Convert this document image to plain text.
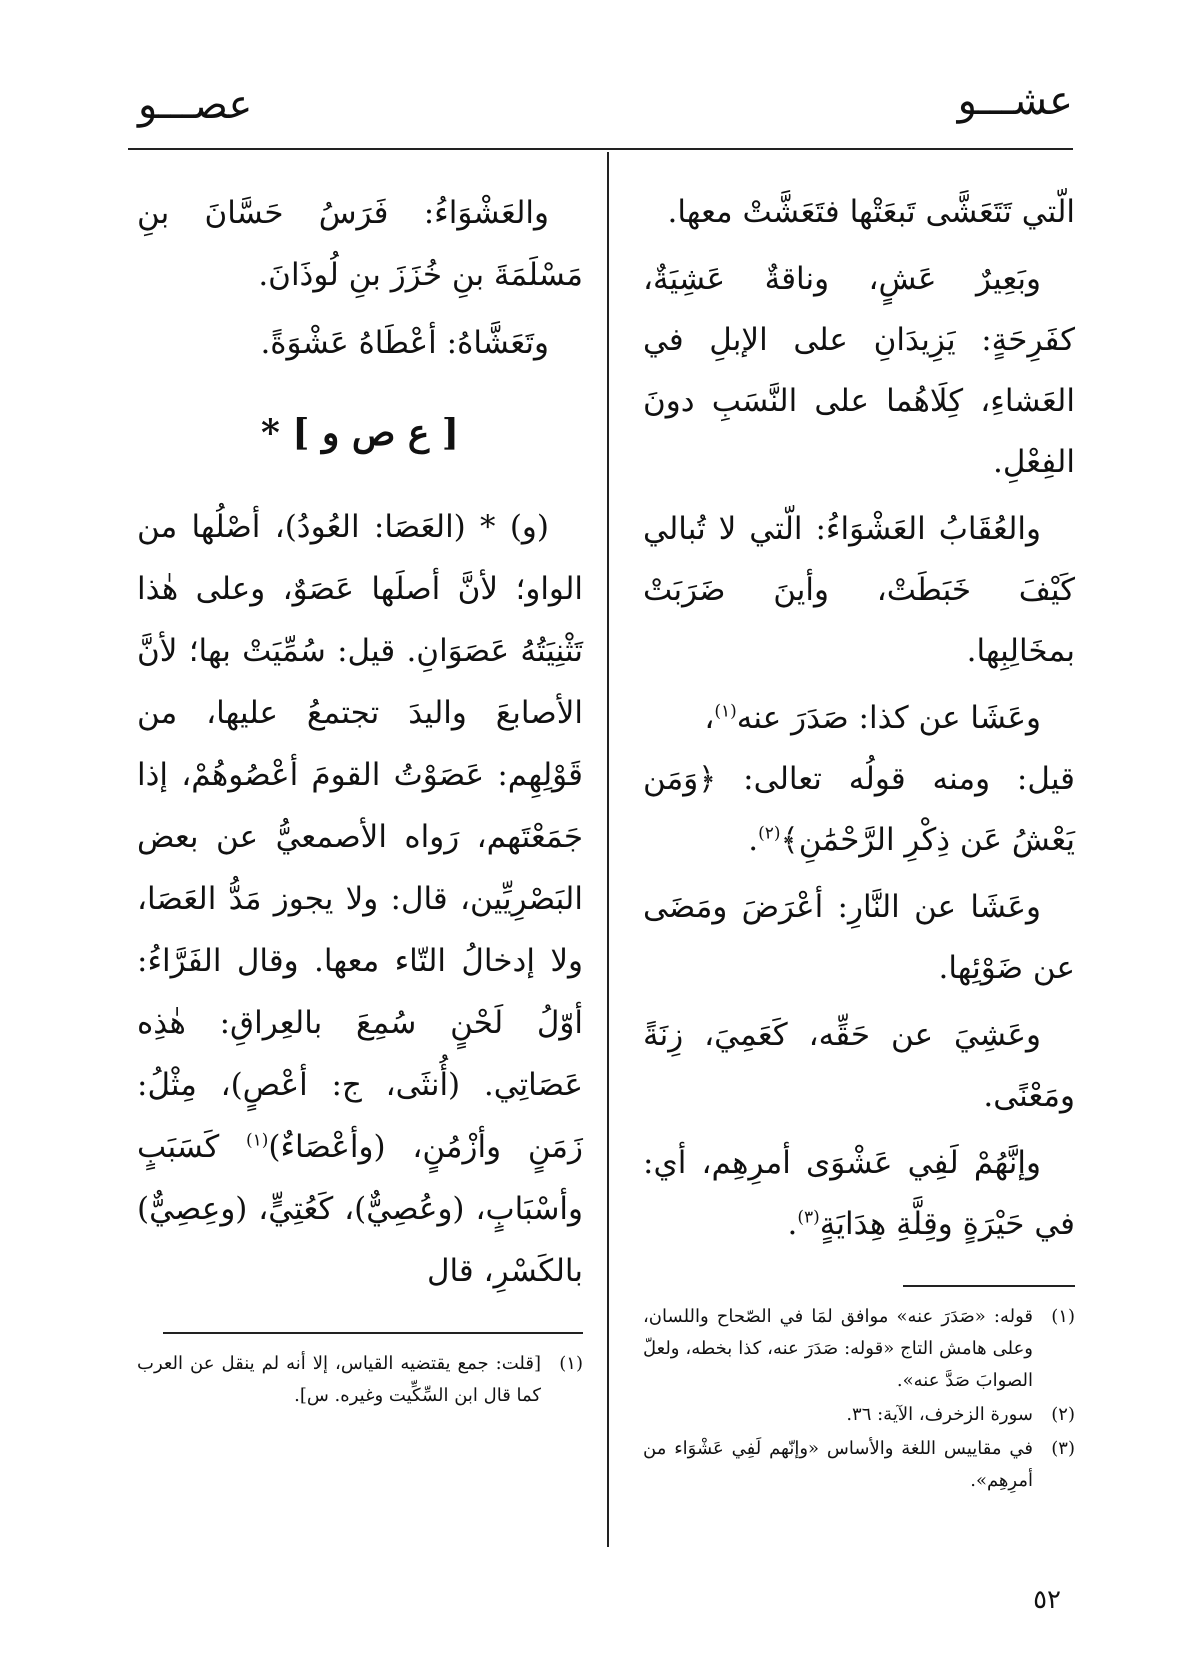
عشـــو
عصـــو

الّتي تَتَعَشَّى تَبعَتْها فتَعَشَّتْ معها.

وبَعِيرٌ عَشٍ، وناقةٌ عَشِيَةٌ، كفَرِحَةٍ: يَزِيدَانِ على الإبلِ في العَشاءِ، كِلَاهُما على النَّسَبِ دونَ الفِعْلِ.

والعُقَابُ العَشْوَاءُ: الّتي لا تُبالي كَيْفَ خَبَطَتْ، وأينَ ضَرَبَتْ بمخَالِبِها.

وعَشَا عن كذا: صَدَرَ عنه$^{(١)}$،

قيل: ومنه قولُه تعالى: ﴿وَمَن يَعْشُ عَن ذِكْرِ الرَّحْمَٰنِ﴾$^{(٢)}$.

وعَشَا عن النَّارِ: أعْرَضَ ومَضَى عن ضَوْئِها.

وعَشِيَ عن حَقِّه، كَعَمِيَ، زِنَةً ومَعْنًى.

وإنَّهُمْ لَفِي عَشْوَى أمرِهِم، أي: في حَيْرَةٍ وقِلَّةِ هِدَايَةٍ$^{(٣)}$.

(١)
قوله: «صَدَرَ عنه» موافق لمَا في الصّحاح واللسان، وعلى هامش التاج «قوله: صَدَرَ عنه، كذا بخطه، ولعلّ الصوابَ صَدَّ عنه».
(٢)
سورة الزخرف، الآية: ٣٦.
(٣)
في مقاييس اللغة والأساس «وإنّهم لَفِي عَشْوَاء من أمرِهِم».

والعَشْوَاءُ: فَرَسُ حَسَّانَ بنِ مَسْلَمَةَ بنِ خُزَزَ بنِ لُوذَانَ.

وتَعَشَّاهُ: أعْطَاهُ عَشْوَةً.

[ ع ص و ] *

(و) * (العَصَا: العُودُ)، أصْلُها من الواو؛ لأنَّ أصلَها عَصَوٌ، وعلى هٰذا تَثْنِيَتُهُ عَصَوَانِ. قيل: سُمِّيَتْ بها؛ لأنَّ الأصابعَ واليدَ تجتمعُ عليها، من قَوْلِهِم: عَصَوْتُ القومَ أعْصُوهُمْ، إذا جَمَعْتَهم، رَواه الأصمعيُّ عن بعض البَصْرِيِّين، قال: ولا يجوز مَدُّ العَصَا، ولا إدخالُ التّاء معها. وقال الفَرَّاءُ: أوّلُ لَحْنٍ سُمِعَ بالعِراقِ: هٰذِه عَصَاتِي. (أُنثَى، ج: أعْصٍ)، مِثْلُ: زَمَنٍ وأزْمُنٍ، (وأعْصَاءٌ)$^{(١)}$ كَسَبَبٍ وأسْبَابٍ، (وعُصِيٌّ)، كَعُتِيٍّ، (وعِصِيٌّ) بالكَسْرِ، قال

(١)
[قلت: جمع يقتضيه القياس، إلا أنه لم ينقل عن العرب كما قال ابن السِّكِّيت وغيره. س].
٥٢
